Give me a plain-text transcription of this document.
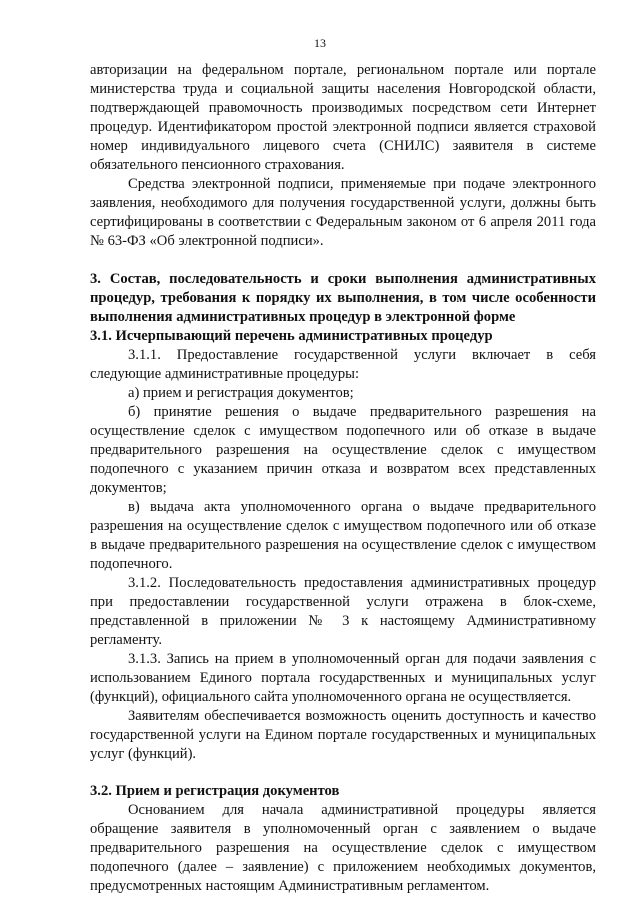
13

авторизации на федеральном портале, региональном портале или портале министерства труда и социальной защиты населения Новгородской области, подтверждающей правомочность производимых посредством сети Интернет процедур. Идентификатором простой электронной подписи является страховой номер индивидуального лицевого счета (СНИЛС) заявителя в системе обязательного пенсионного страхования.

Средства электронной подписи, применяемые при подаче электронного заявления, необходимого для получения государственной услуги, должны быть сертифицированы в соответствии с Федеральным законом от 6 апреля 2011 года № 63-ФЗ «Об электронной подписи».

3. Состав, последовательность и сроки выполнения административных процедур, требования к порядку их выполнения, в том числе особенности выполнения административных процедур в электронной форме

3.1. Исчерпывающий перечень административных процедур

3.1.1. Предоставление государственной услуги включает в себя следующие административные процедуры:

а) прием и регистрация документов;

б) принятие решения о выдаче предварительного разрешения на осуществление сделок с имуществом подопечного или об отказе в выдаче предварительного разрешения на осуществление сделок с имуществом подопечного с указанием причин отказа и возвратом всех представленных документов;

в) выдача акта уполномоченного органа о выдаче предварительного разрешения на осуществление сделок с имуществом подопечного или об отказе в выдаче предварительного разрешения на осуществление сделок с имуществом подопечного.

3.1.2. Последовательность предоставления административных процедур при предоставлении государственной услуги отражена в блок-схеме, представленной в приложении № 3 к настоящему Административному регламенту.

3.1.3. Запись на прием в уполномоченный орган для подачи заявления с использованием Единого портала государственных и муниципальных услуг (функций), официального сайта уполномоченного органа не осуществляется.

Заявителям обеспечивается возможность оценить доступность и качество государственной услуги на Едином портале государственных и муниципальных услуг (функций).

3.2. Прием и регистрация документов

Основанием для начала административной процедуры является обращение заявителя в уполномоченный орган с заявлением о выдаче предварительного разрешения на осуществление сделок с имуществом подопечного (далее – заявление) с приложением необходимых документов, предусмотренных настоящим Административным регламентом.
